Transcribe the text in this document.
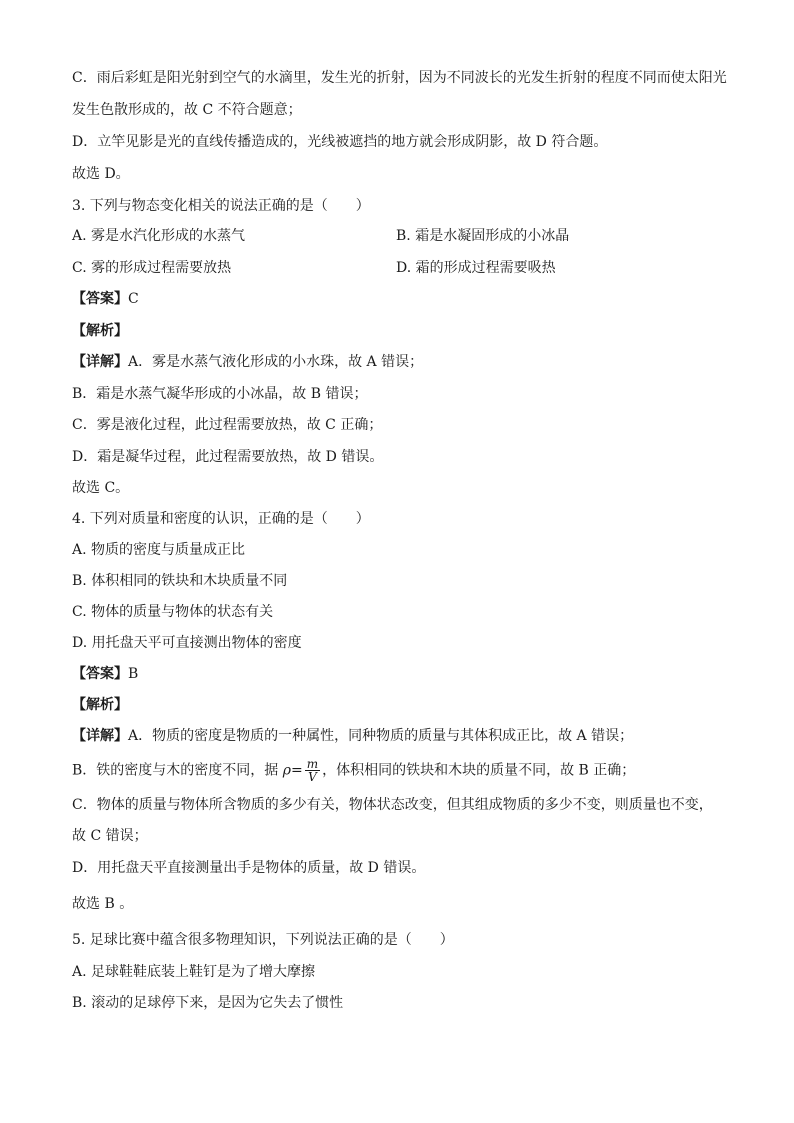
C．雨后彩虹是阳光射到空气的水滴里，发生光的折射，因为不同波长的光发生折射的程度不同而使太阳光
发生色散形成的，故 C 不符合题意；
D．立竿见影是光的直线传播造成的，光线被遮挡的地方就会形成阴影，故 D 符合题。
故选 D。
3. 下列与物态变化相关的说法正确的是（　　）
A. 雾是水汽化形成的水蒸气	B. 霜是水凝固形成的小冰晶
C. 雾的形成过程需要放热	D. 霜的形成过程需要吸热
【答案】C
【解析】
【详解】A．雾是水蒸气液化形成的小水珠，故 A 错误；
B．霜是水蒸气凝华形成的小冰晶，故 B 错误；
C．雾是液化过程，此过程需要放热，故 C 正确；
D．霜是凝华过程，此过程需要放热，故 D 错误。
故选 C。
4. 下列对质量和密度的认识，正确的是（　　）
A. 物质的密度与质量成正比
B. 体积相同的铁块和木块质量不同
C. 物体的质量与物体的状态有关
D. 用托盘天平可直接测出物体的密度
【答案】B
【解析】
【详解】A．物质的密度是物质的一种属性，同种物质的质量与其体积成正比，故 A 错误；
B．铁的密度与木的密度不同，据 $\rho= \frac{m}{V}$ ，体积相同的铁块和木块的质量不同，故 B 正确；
C．物体的质量与物体所含物质的多少有关，物体状态改变，但其组成物质的多少不变，则质量也不变，
故 C 错误；
D．用托盘天平直接测量出手是物体的质量，故 D 错误。
故选 B 。
5. 足球比赛中蕴含很多物理知识，下列说法正确的是（　　）
A. 足球鞋鞋底装上鞋钉是为了增大摩擦
B. 滚动的足球停下来，是因为它失去了惯性
